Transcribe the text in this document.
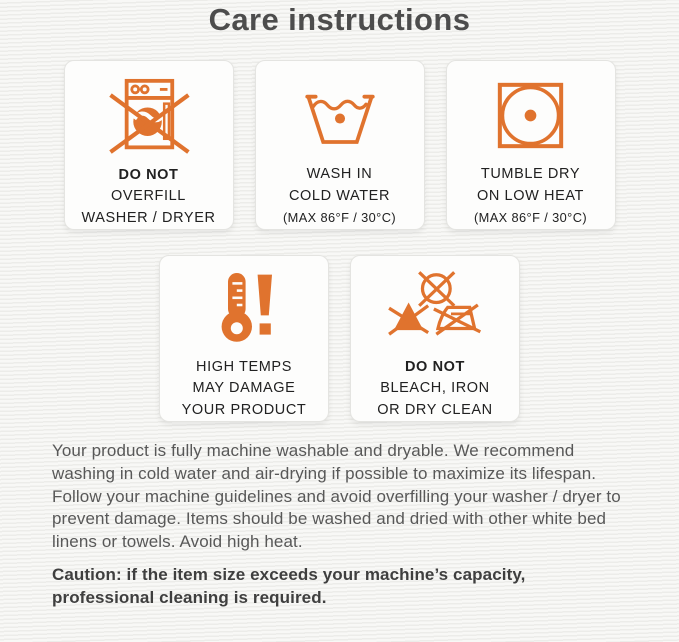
Care instructions
DO NOT
OVERFILL
WASHER / DRYER
WASH IN
COLD WATER
(MAX 86°F / 30°C)
TUMBLE DRY
ON LOW HEAT
(MAX 86°F / 30°C)
HIGH TEMPS
MAY DAMAGE
YOUR PRODUCT
DO NOT
BLEACH, IRON
OR DRY CLEAN
Your product is fully machine washable and dryable. We recommend washing in cold water and air-drying if possible to maximize its lifespan. Follow your machine guidelines and avoid overfilling your washer / dryer to prevent damage. Items should be washed and dried with other white bed linens or towels. Avoid high heat.
Caution: if the item size exceeds your machine’s capacity, professional cleaning is required.
